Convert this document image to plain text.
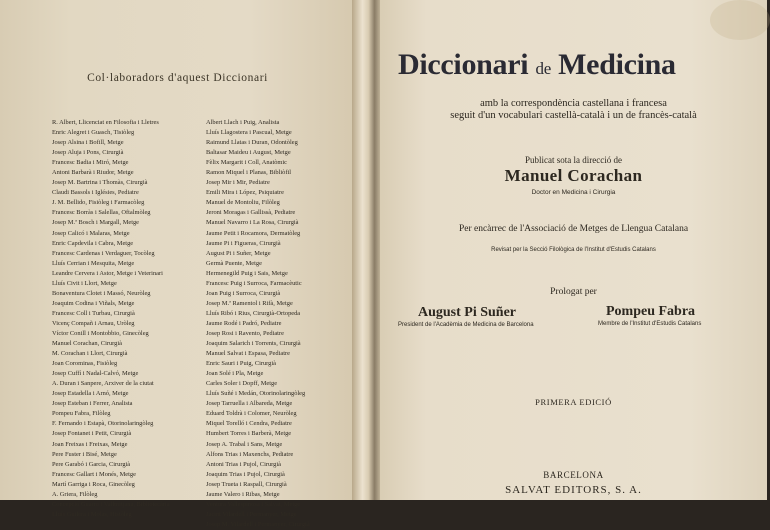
Col·laboradors d'aquest Diccionari
R. Albert, Llicenciat en Filosofia i Lletres
Enric Alegret i Guasch, Tisiòleg
Josep Alsina i Bofill, Metge
Josep Aluja i Pons, Cirurgià
Francesc Badia i Miró, Metge
Antoni Barbarà i Riudor, Metge
Josep M. Bartrina i Thomàs, Cirurgià
Claudi Bassols i Iglésies, Pediatre
J. M. Bellido, Fisiòleg i Farmacòleg
Francesc Borràs i Salellas, Oftalmòleg
Josep M.ª Bosch i Margall, Metge
Josep Calicó i Malaras, Metge
Enric Capdevila i Cabra, Metge
Francesc Cardenas i Verdaguer, Tocòleg
Lluís Cerrian i Mesquita, Metge
Leandre Cervera i Astor, Metge i Veterinari
Lluís Civit i Llort, Metge
Bonaventura Clotet i Massó, Neuròleg
Joaquim Codina i Viñals, Metge
Francesc Coll i Turbau, Cirurgià
Vicenç Compañ i Arnau, Uròleg
Víctor Conill i Montobbio, Ginecòleg
Manuel Corachan, Cirurgià
M. Corachan i Llort, Cirurgià
Joan Corominas, Fisiòleg
Josep Cuffí i Nadal-Calvó, Metge
A. Duran i Sanpere, Arxiver de la ciutat
Josep Estadella i Arnó, Metge
Josep Esteban i Ferrer, Analista
Pompeu Fabra, Filòleg
F. Fernando i Estapà, Otorinolaringòleg
Josep Fontanet i Petit, Cirurgià
Joan Freixas i Freixas, Metge
Pere Fuster i Bisé, Metge
Pere Garabó i Garcia, Cirurgià
Francesc Gallart i Monés, Metge
Martí Garriga i Roca, Ginecòleg
A. Griera, Filòleg
Concepció Guarro i Vallmitjana, Bibliotecària
Lluís Guilera i Molas, Històleg
Albert Llach i Puig, Analista
Lluís Llagostera i Pascual, Metge
Raimund Llatas i Duran, Odontòleg
Baltasar Maideu i August, Metge
Fèlix Margarit i Coll, Anatòmic
Ramon Miquel i Planas, Bibliòfil
Josep Mir i Mir, Pediatre
Emili Mira i López, Psiquiatre
Manuel de Montoliu, Filòleg
Jeroni Moragas i Gallissà, Pediatre
Manuel Navarro i La Rosa, Cirurgià
Jaume Petit i Rocamora, Dermatòleg
Jaume Pi i Figueras, Cirurgià
August Pi i Suñer, Metge
Germà Puente, Metge
Hermenegild Puig i Sais, Metge
Francesc Puig i Surroca, Farmacèutic
Joan Puig i Surroca, Cirurgià
Josep M.ª Ramentol i Rifà, Metge
Lluís Ribó i Rius, Cirurgià-Ortopeda
Jaume Rodé i Padró, Pediatre
Josep Rosi i Ravento, Pediatre
Joaquim Salarich i Torrents, Cirurgià
Manuel Salvat i Espasa, Pediatre
Enric Sauri i Puig, Cirurgià
Joan Solé i Pla, Metge
Carles Soler i Dopff, Metge
Lluís Suñé i Medán, Otorinolaringòleg
Josep Tarruella i Albareda, Metge
Eduard Toldrà i Colomer, Neuròleg
Miquel Torelló i Cendra, Pediatre
Humbert Torres i Barberà, Metge
Josep A. Trabal i Sans, Metge
Alfons Trias i Maxenchs, Pediatre
Antoni Trias i Pujol, Cirurgià
Joaquim Trias i Pujol, Cirurgià
Josep Trueta i Raspall, Cirurgià
Jaume Valero i Ribas, Metge
Ventura Vallespinosa i Salvat, Metge
Jacint Vilardell i Permanyer, Metge
Josep M. Vilardell i Permanyer, Cirurgià
Diccionari de Medicina
amb la correspondència castellana i francesa
seguit d'un vocabulari castellà-català i un de francès-català
Publicat sota la direcció de
Manuel Corachan
Doctor en Medicina i Cirurgia
Per encàrrec de l'Associació de Metges de Llengua Catalana
Revisat per la Secció Filològica de l'Institut d'Estudis Catalans
Prologat per
August Pi Suñer
President de l'Acadèmia de Medicina de Barcelona
Pompeu Fabra
Membre de l'Institut d'Estudis Catalans
PRIMERA EDICIÓ
BARCELONA
SALVAT EDITORS, S. A.
